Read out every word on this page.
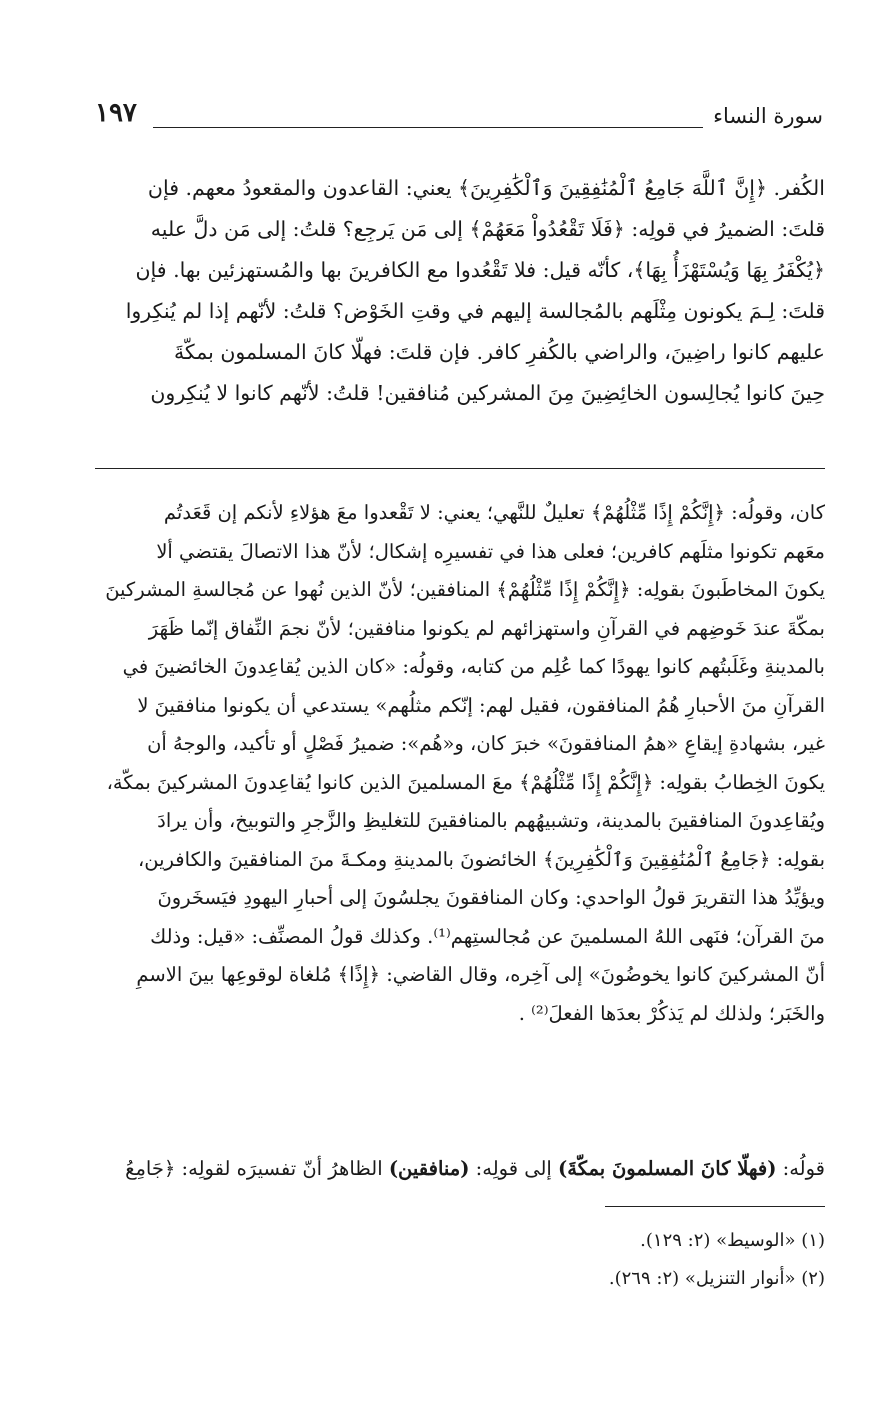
١٩٧	سورة النساء
الكُفر. ﴿إِنَّ ٱللَّهَ جَامِعُ ٱلْمُنَٰفِقِينَ وَٱلْكَٰفِرِينَ﴾ يعني: القاعدون والمقعودُ معهم. فإن
قلتَ: الضميرُ في قولِه: ﴿فَلَا تَقْعُدُواْ مَعَهُمْ﴾ إلى مَن يَرجِع؟ قلتُ: إلى مَن دلَّ عليه
﴿يُكْفَرُ بِهَا وَيُسْتَهْزَأُ بِهَا﴾، كأنّه قيل: فلا تَقْعُدوا مع الكافرينَ بها والمُستهزئين بها. فإن
قلتَ: لِـمَ يكونون مِثْلَهم بالمُجالسة إليهم في وقتِ الخَوْض؟ قلتُ: لأنّهم إذا لم يُنكِروا
عليهم كانوا راضِينَ، والراضي بالكُفرِ كافر. فإن قلتَ: فهلّا كانَ المسلمون بمكّةَ
حِينَ كانوا يُجالِسون الخائِضِينَ مِنَ المشركين مُنافقين! قلتُ: لأنّهم كانوا لا يُنكِرون
كان، وقولُه: ﴿إِنَّكُمْ إِذًا مِّثْلُهُمْ﴾ تعليلٌ للنَّهي؛ يعني: لا تَقْعدوا معَ هؤلاءِ لأنكم إن قَعَدتُم
معَهم تكونوا مثلَهم كافرين؛ فعلى هذا في تفسيرِه إشكال؛ لأنّ هذا الاتصالَ يقتضي ألا
يكونَ المخاطَبونَ بقولِه: ﴿إِنَّكُمْ إِذًا مِّثْلُهُمْ﴾ المنافقين؛ لأنّ الذين نُهوا عن مُجالسةِ المشركينَ
بمكّةَ عندَ خَوضِهم في القرآنِ واستهزائهم لم يكونوا منافقين؛ لأنّ نجمَ النِّفاق إنّما ظَهَرَ
بالمدينةِ وغَلَبتُهم كانوا يهودًا كما عُلِم من كتابه، وقولُه: «كان الذين يُقاعِدونَ الخائضينَ في
القرآنِ منَ الأحبارِ هُمُ المنافقون، فقيل لهم: إنّكم مثلُهم» يستدعي أن يكونوا منافقينَ لا
غير، بشهادةِ إيقاعِ «همُ المنافقونَ» خبرَ كان، و«هُم»: ضميرُ فَصْلٍ أو تأكيد، والوجهُ أن
يكونَ الخِطابُ بقولِه: ﴿إِنَّكُمْ إِذًا مِّثْلُهُمْ﴾ معَ المسلمينَ الذين كانوا يُقاعِدونَ المشركينَ بمكّة،
ويُقاعِدونَ المنافقينَ بالمدينة، وتشبيهُهم بالمنافقينَ للتغليظِ والزَّجرِ والتوبيخ، وأن يرادَ
بقولِه: ﴿جَامِعُ ٱلْمُنَٰفِقِينَ وَٱلْكَٰفِرِينَ﴾ الخائضونَ بالمدينةِ ومكـةَ منَ المنافقينَ والكافرين،
ويؤيِّدُ هذا التقريرَ قولُ الواحدي: وكان المنافقونَ يجلسُونَ إلى أحبارِ اليهودِ فيَسخَرونَ
منَ القرآن؛ فنَهى اللهُ المسلمينَ عن مُجالستِهم⁽¹⁾. وكذلك قولُ المصنِّف: «قيل: وذلك
أنّ المشركينَ كانوا يخوضُونَ» إلى آخِره، وقال القاضي: ﴿إِذًا﴾ مُلغاة لوقوعِها بينَ الاسمِ
والخَبَر؛ ولذلك لم يَذكُرْ بعدَها الفعلَ⁽²⁾ .
قولُه: (فهلّا كانَ المسلمونَ بمكّةَ) إلى قولِه: (منافقين) الظاهرُ أنّ تفسيرَه لقولِه: ﴿جَامِعُ
(١) «الوسيط» (٢: ١٢٩).
(٢) «أنوار التنزيل» (٢: ٢٦٩).
